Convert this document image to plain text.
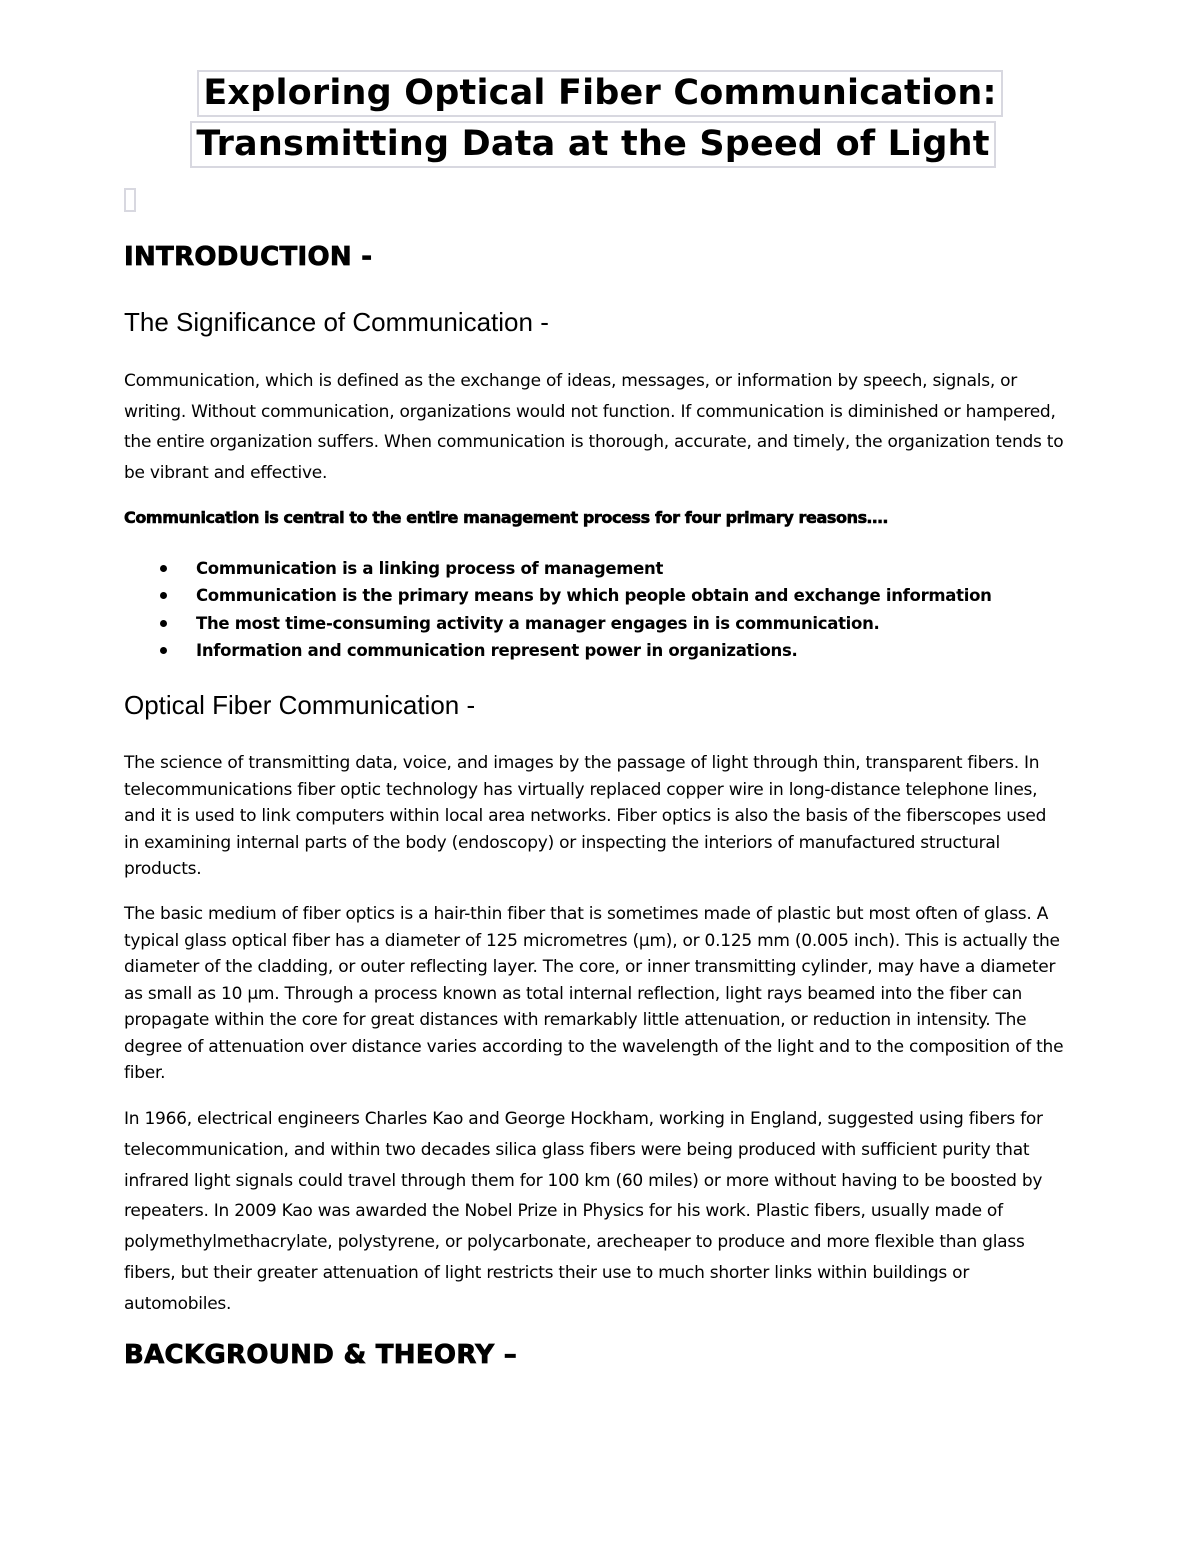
Exploring Optical Fiber Communication:
Transmitting Data at the Speed of Light
INTRODUCTION -
The Significance of Communication -

Communication, which is defined as the exchange of ideas, messages, or information by speech, signals, or writing. Without communication, organizations would not function. If communication is diminished or hampered, the entire organization suffers. When communication is thorough, accurate, and timely, the organization tends to be vibrant and effective.

Communication is central to the entire management process for four primary reasons….

Communication is a linking process of management
Communication is the primary means by which people obtain and exchange information
The most time-consuming activity a manager engages in is communication.
Information and communication represent power in organizations.
Optical Fiber Communication -

The science of transmitting data, voice, and images by the passage of light through thin, transparent fibers. In telecommunications fiber optic technology has virtually replaced copper wire in long-distance telephone lines, and it is used to link computers within local area networks. Fiber optics is also the basis of the fiberscopes used in examining internal parts of the body (endoscopy) or inspecting the interiors of manufactured structural products.

The basic medium of fiber optics is a hair-thin fiber that is sometimes made of plastic but most often of glass. A typical glass optical fiber has a diameter of 125 micrometres (μm), or 0.125 mm (0.005 inch). This is actually the diameter of the cladding, or outer reflecting layer. The core, or inner transmitting cylinder, may have a diameter as small as 10 μm. Through a process known as total internal reflection, light rays beamed into the fiber can propagate within the core for great distances with remarkably little attenuation, or reduction in intensity. The degree of attenuation over distance varies according to the wavelength of the light and to the composition of the fiber.

In 1966, electrical engineers Charles Kao and George Hockham, working in England, suggested using fibers for telecommunication, and within two decades silica glass fibers were being produced with sufficient purity that infrared light signals could travel through them for 100 km (60 miles) or more without having to be boosted by repeaters. In 2009 Kao was awarded the Nobel Prize in Physics for his work. Plastic fibers, usually made of polymethylmethacrylate, polystyrene, or polycarbonate, arecheaper to produce and more flexible than glass fibers, but their greater attenuation of light restricts their use to much shorter links within buildings or automobiles.

BACKGROUND & THEORY –
